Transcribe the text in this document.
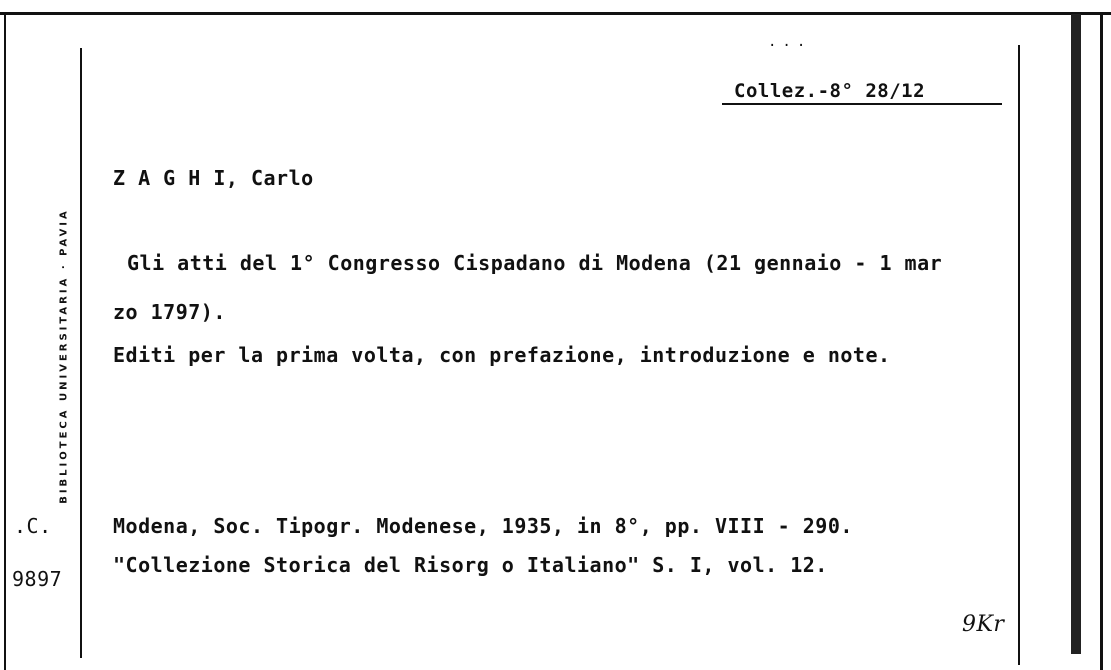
···
Collez.-8° 28/12
BIBLIOTECA UNIVERSITARIA · PAVIA
Z A G H I, Carlo
Gli atti del 1° Congresso Cispadano di Modena (21 gennaio - 1 mar
zo 1797).
Editi per la prima volta, con prefazione, introduzione e note.
.C.
9897
Modena, Soc. Tipogr. Modenese, 1935, in 8°, pp. VIII - 290.
"Collezione Storica del Risorg o Italiano" S. I, vol. 12.
9Kr
